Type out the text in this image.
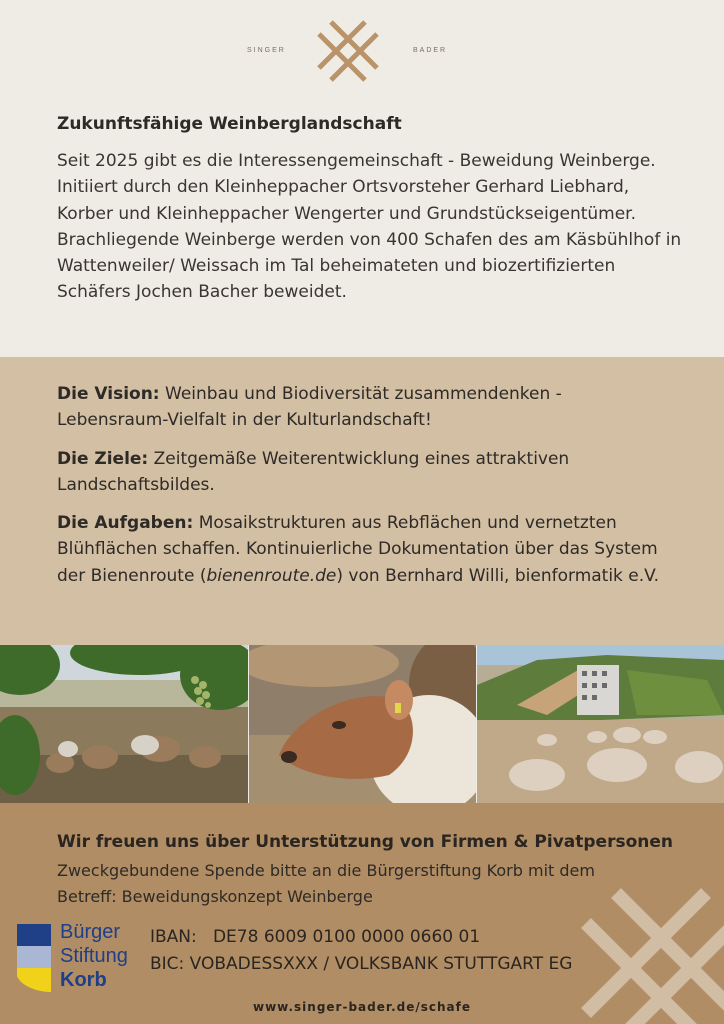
SINGER	BADER
Zukunftsfähige Weinberglandschaft

Seit 2025 gibt es die Interessengemeinschaft - Beweidung Weinberge. Initiiert durch den Kleinheppacher Ortsvorsteher Gerhard Liebhard, Korber und Kleinheppacher Wengerter und Grundstückseigentümer.

Brachliegende Weinberge werden von 400 Schafen des am Käsbühlhof in Wattenweiler/ Weissach im Tal beheimateten und biozertifizierten Schäfers Jochen Bacher beweidet.

Die Vision: Weinbau und Biodiversität zusammendenken - Lebensraum-Vielfalt in der Kulturlandschaft!
Die Ziele: Zeitgemäße Weiterentwicklung eines attraktiven Landschaftsbildes.
Die Aufgaben: Mosaikstrukturen aus Rebflächen und vernetzten Blühflächen schaffen. Kontinuierliche Dokumentation über das System der Bienenroute (bienenroute.de) von Bernhard Willi, bienformatik e.V.
Wir freuen uns über Unterstützung von Firmen & Pivatpersonen

Zweckgebundene Spende bitte an die Bürgerstiftung Korb mit dem

Betreff: Beweidungskonzept Weinberge

Bürger
Stiftung
Korb

IBAN:   DE78 6009 0100 0000 0660 01

BIC: VOBADESSXXX / VOLKSBANK STUTTGART EG

www.singer-bader.de/schafe
